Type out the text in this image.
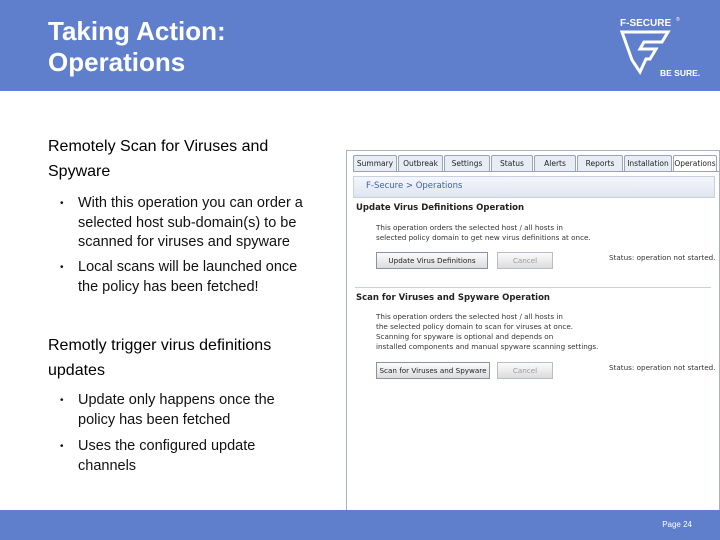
Taking Action:
Operations
F-SECURE ®
BE SURE.
Remotely Scan for Viruses and
Spyware
• With this operation you can order a
selected host sub-domain(s) to be
scanned for viruses and spyware
• Local scans will be launched once
the policy has been fetched!
Remotly trigger virus definitions
updates
• Update only happens once the
policy has been fetched
• Uses the configured update
channels
Summary	Outbreak	Settings	Status	Alerts	Reports	Installation Operations
F-Secure > Operations
Update Virus Definitions Operation
This operation orders the selected host / all hosts in
selected policy domain to get new virus definitions at once.
Update Virus Definitions	Cancel	Status: operation not started.
Scan for Viruses and Spyware Operation
This operation orders the selected host / all hosts in
the selected policy domain to scan for viruses at once.
Scanning for spyware is optional and depends on
installed components and manual spyware scanning settings.
Scan for Viruses and Spyware	Cancel	Status: operation not started.
Page 24
